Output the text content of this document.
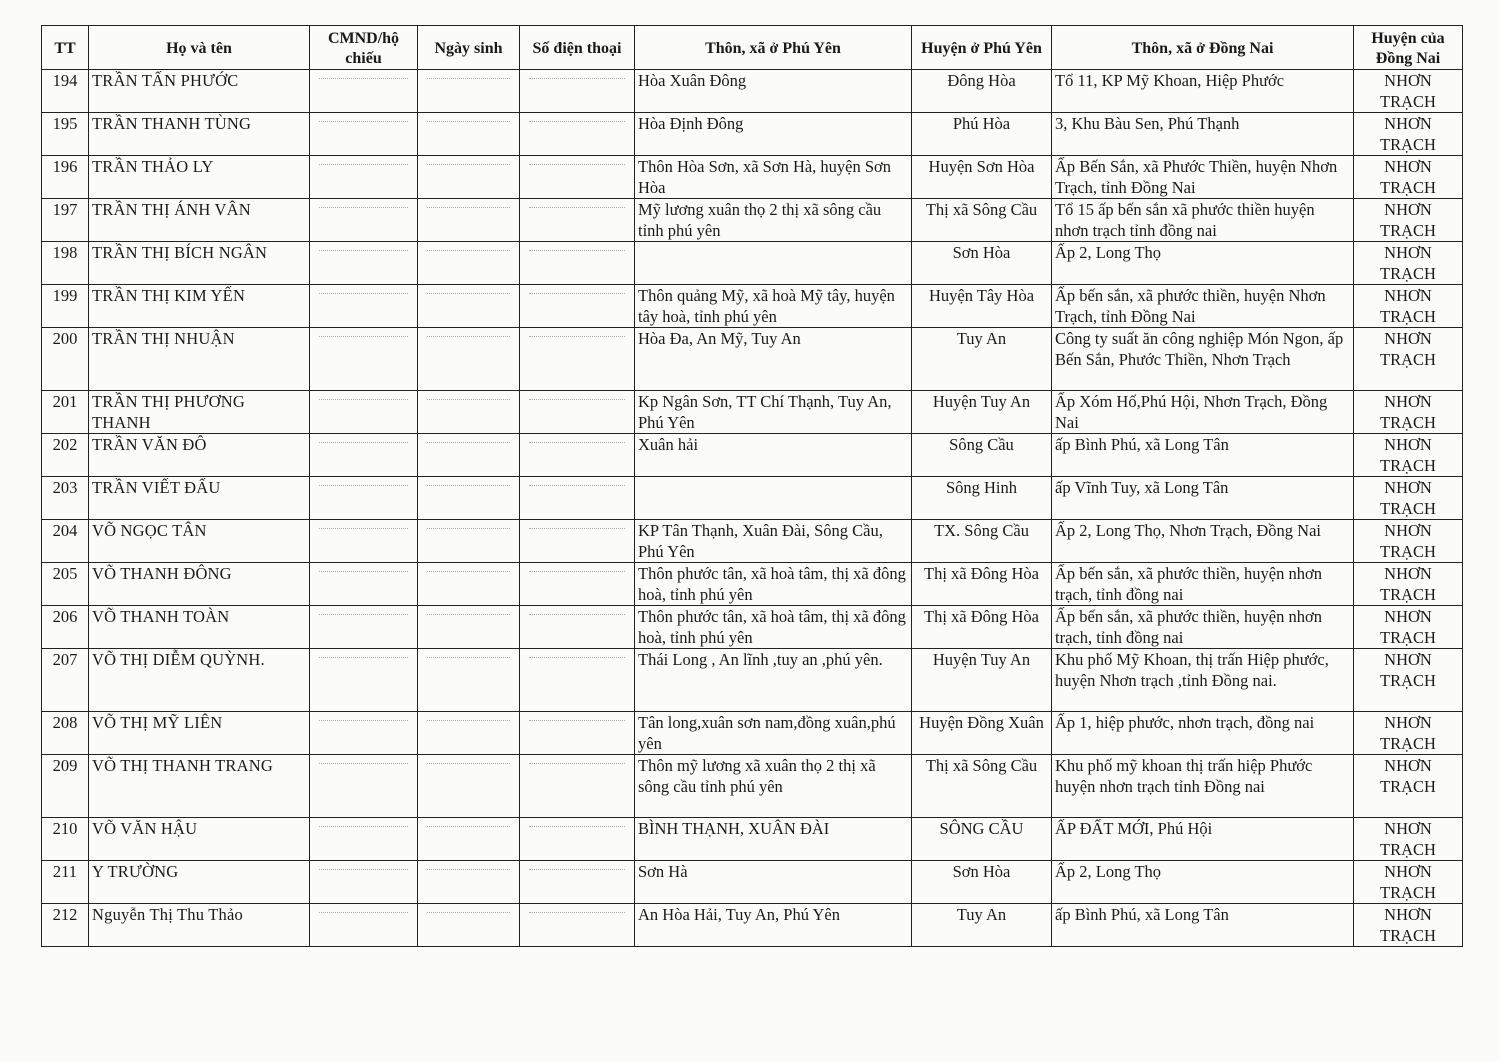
TT	Họ và tên	CMND/hộ chiếu	Ngày sinh	Số điện thoại	Thôn, xã ở Phú Yên	Huyện ở Phú Yên	Thôn, xã ở Đồng Nai	Huyện của Đồng Nai
194	TRẦN TẤN PHƯỚC				Hòa Xuân Đông	Đông Hòa	Tổ 11, KP Mỹ Khoan, Hiệp Phước	NHƠN TRẠCH
195	TRẦN THANH TÙNG				Hòa Định Đông	Phú Hòa	3, Khu Bàu Sen, Phú Thạnh	NHƠN TRẠCH
196	TRẦN THẢO LY				Thôn Hòa Sơn, xã Sơn Hà, huyện Sơn Hòa	Huyện Sơn Hòa	Ấp Bến Sắn, xã Phước Thiền, huyện Nhơn Trạch, tỉnh Đồng Nai	NHƠN TRẠCH
197	TRẦN THỊ ÁNH VÂN				Mỹ lương xuân thọ 2 thị xã sông cầu tỉnh phú yên	Thị xã Sông Cầu	Tổ 15 ấp bến sắn xã phước thiền huyện nhơn trạch tỉnh đồng nai	NHƠN TRẠCH
198	TRẦN THỊ BÍCH NGÂN					Sơn Hòa	Ấp 2, Long Thọ	NHƠN TRẠCH
199	TRẦN THỊ KIM YẾN				Thôn quảng Mỹ, xã hoà Mỹ tây, huyện tây hoà, tỉnh phú yên	Huyện Tây Hòa	Ấp bến sắn, xã phước thiền, huyện Nhơn Trạch, tỉnh Đồng Nai	NHƠN TRẠCH
200	TRẦN THỊ NHUẬN				Hòa Đa, An Mỹ, Tuy An	Tuy An	Công ty suất ăn công nghiệp Món Ngon, ấp Bến Sắn, Phước Thiền, Nhơn Trạch	NHƠN TRẠCH
201	TRẦN THỊ PHƯƠNG THANH				Kp Ngân Sơn, TT Chí Thạnh, Tuy An, Phú Yên	Huyện Tuy An	Ấp Xóm Hố,Phú Hội, Nhơn Trạch, Đồng Nai	NHƠN TRẠCH
202	TRẦN VĂN ĐÔ				Xuân hải	Sông Cầu	ấp Bình Phú, xã Long Tân	NHƠN TRẠCH
203	TRẦN VIẾT ĐẤU					Sông Hinh	ấp Vĩnh Tuy, xã Long Tân	NHƠN TRẠCH
204	VÕ NGỌC TÂN				KP Tân Thạnh, Xuân Đài, Sông Cầu, Phú Yên	TX. Sông Cầu	Ấp 2, Long Thọ, Nhơn Trạch, Đồng Nai	NHƠN TRẠCH
205	VÕ THANH ĐÔNG				Thôn phước tân, xã hoà tâm, thị xã đông hoà, tỉnh phú yên	Thị xã Đông Hòa	Ấp bến sắn, xã phước thiền, huyện nhơn trạch, tỉnh đồng nai	NHƠN TRẠCH
206	VÕ THANH TOÀN				Thôn phước tân, xã hoà tâm, thị xã đông hoà, tỉnh phú yên	Thị xã Đông Hòa	Ấp bến sắn, xã phước thiền, huyện nhơn trạch, tỉnh đồng nai	NHƠN TRẠCH
207	VÕ THỊ DIỄM QUỲNH.				Thái Long , An lĩnh ,tuy an ,phú yên.	Huyện Tuy An	Khu phố Mỹ Khoan, thị trấn Hiệp phước, huyện Nhơn trạch ,tỉnh Đồng nai.	NHƠN TRẠCH
208	VÕ THỊ MỸ LIÊN				Tân long,xuân sơn nam,đồng xuân,phú yên	Huyện Đồng Xuân	Ấp 1, hiệp phước, nhơn trạch, đồng nai	NHƠN TRẠCH
209	VÕ THỊ THANH TRANG				Thôn mỹ lương xã xuân thọ 2 thị xã sông cầu tỉnh phú yên	Thị xã Sông Cầu	Khu phố mỹ khoan thị trấn hiệp Phước huyện nhơn trạch tỉnh Đồng nai	NHƠN TRẠCH
210	VÕ VĂN HẬU				BÌNH THẠNH, XUÂN ĐÀI	SÔNG CẦU	ẤP ĐẤT MỚI, Phú Hội	NHƠN TRẠCH
211	Y TRƯỜNG				Sơn Hà	Sơn Hòa	Ấp 2, Long Thọ	NHƠN TRẠCH
212	Nguyễn Thị Thu Thảo				An Hòa Hải, Tuy An, Phú Yên	Tuy An	ấp Bình Phú, xã Long Tân	NHƠN TRẠCH
